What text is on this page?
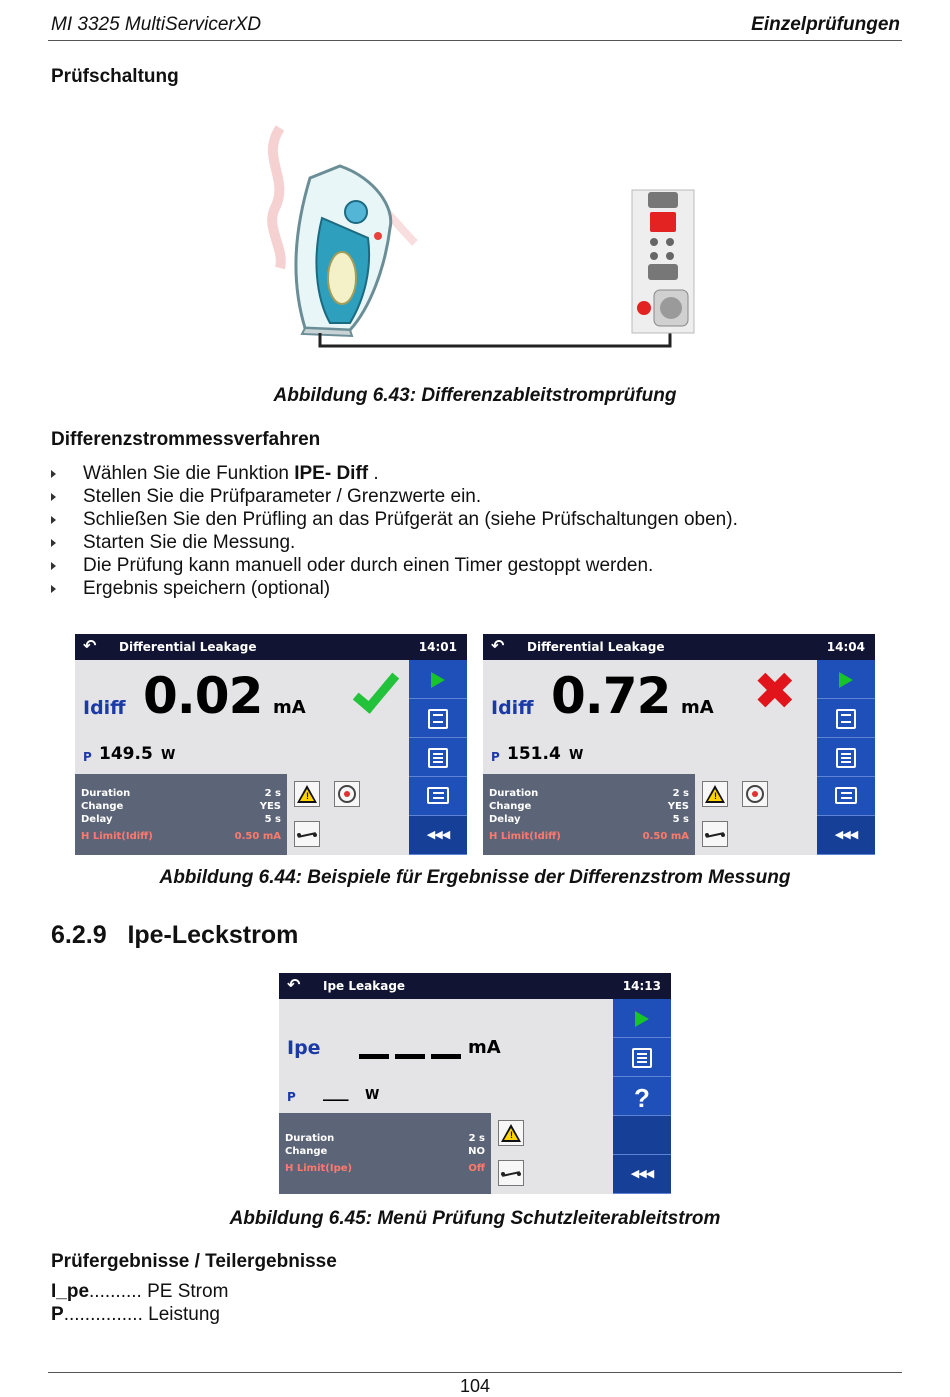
MI 3325 MultiServicerXD	Einzelprüfungen
Prüfschaltung
Abbildung 6.43: Differenzableitstromprüfung
Differenzstrommessverfahren
Wählen Sie die Funktion IPE- Diff .
Stellen Sie die Prüfparameter / Grenzwerte ein.
Schließen Sie den Prüfling an das Prüfgerät an (siehe Prüfschaltungen oben).
Starten Sie die Messung.
Die Prüfung kann manuell oder durch einen Timer gestoppt werden.
Ergebnis speichern (optional)
↶ Differential Leakage	14:01
Idiff 0.02 mA
P 149.5 W
Duration	2 s
Change	YES
Delay	5 s
H Limit(Idiff)	0.50 mA
!
◀◀◀
↶ Differential Leakage	14:04
Idiff 0.72 mA ✖
P 151.4 W
Duration	2 s
Change	YES
Delay	5 s
H Limit(Idiff)	0.50 mA
!
◀◀◀
Abbildung 6.44: Beispiele für Ergebnisse der Differenzstrom Messung
6.2.9   Ipe-Leckstrom
↶ Ipe Leakage	14:13
Ipe	mA
P ___ W
Duration	2 s
Change	NO
H Limit(Ipe)	Off
!
?
◀◀◀
Abbildung 6.45: Menü Prüfung Schutzleiterableitstrom
Prüfergebnisse / Teilergebnisse
I_pe.......... PE Strom
P............... Leistung
104
